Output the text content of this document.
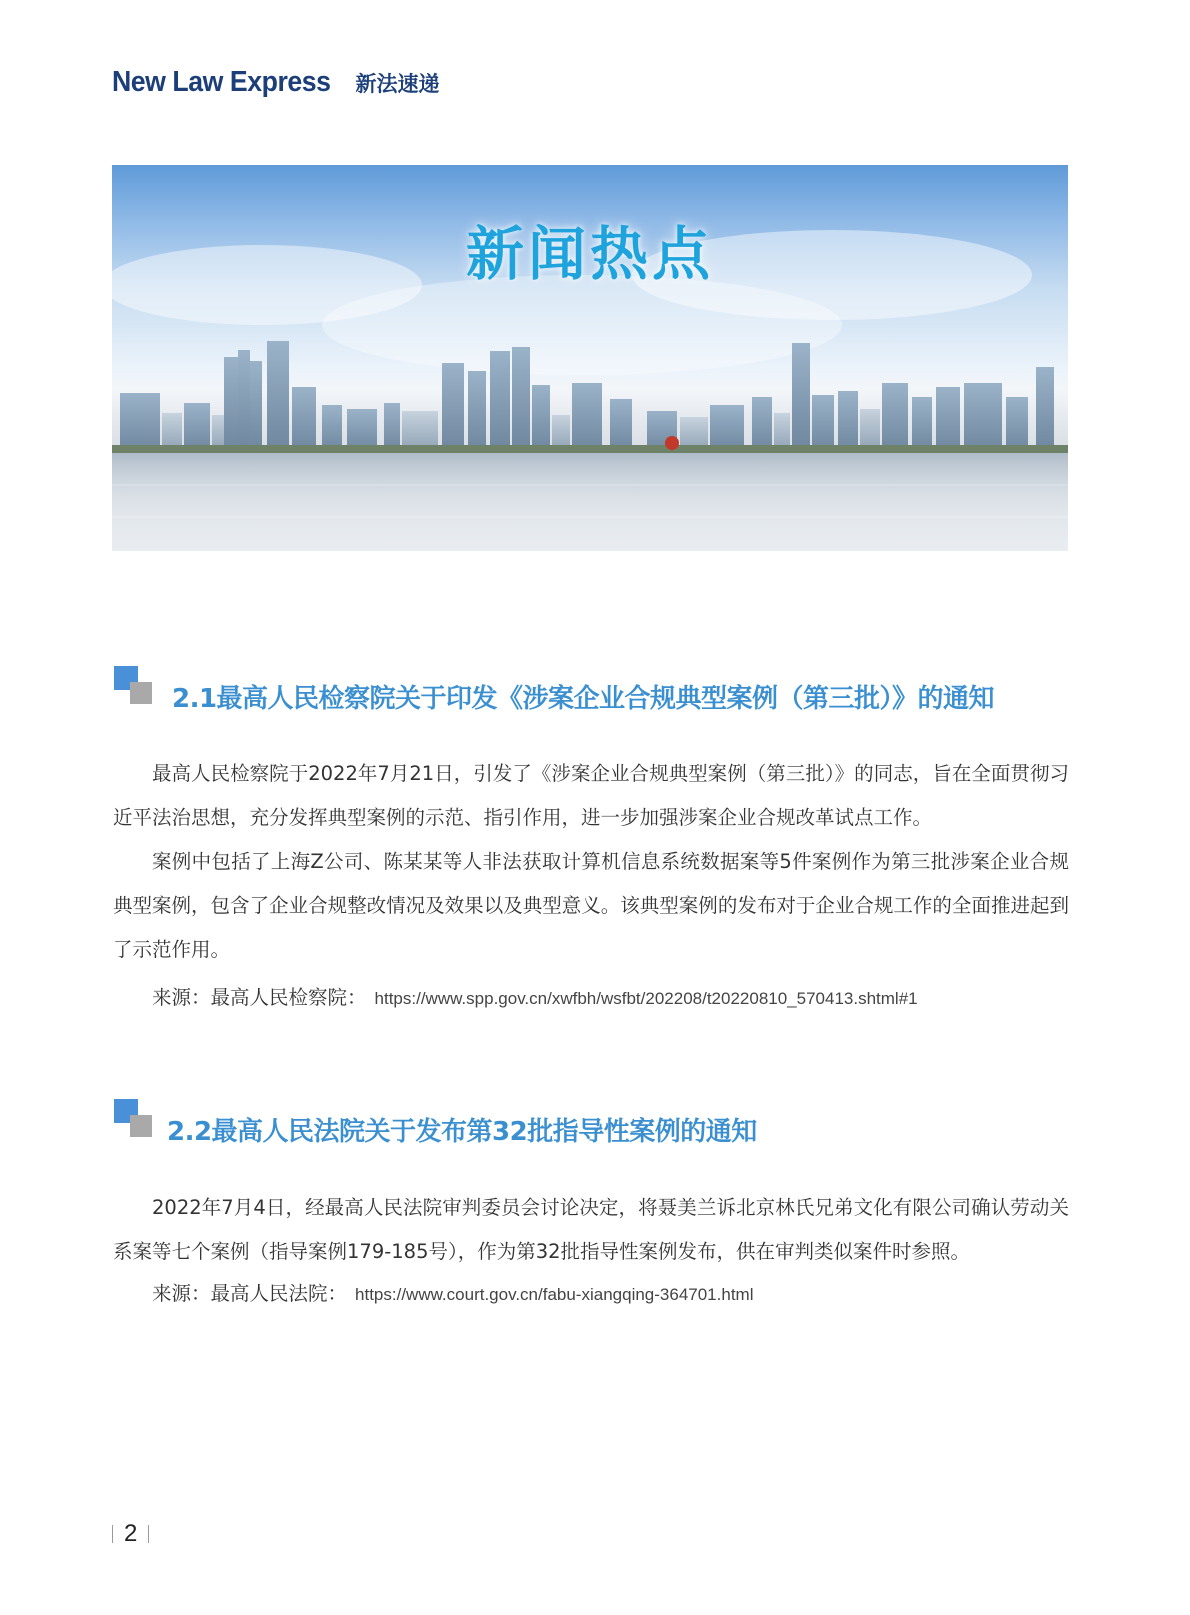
New Law Express 新法速递
新闻热点
2.1最高人民检察院关于印发《涉案企业合规典型案例（第三批）》的通知
最高人民检察院于2022年7月21日，引发了《涉案企业合规典型案例（第三批）》的同志，旨在全面贯彻习近平法治思想，充分发挥典型案例的示范、指引作用，进一步加强涉案企业合规改革试点工作。
案例中包括了上海Z公司、陈某某等人非法获取计算机信息系统数据案等5件案例作为第三批涉案企业合规典型案例，包含了企业合规整改情况及效果以及典型意义。该典型案例的发布对于企业合规工作的全面推进起到了示范作用。
来源：最高人民检察院： https://www.spp.gov.cn/xwfbh/wsfbt/202208/t20220810_570413.shtml#1
2.2最高人民法院关于发布第32批指导性案例的通知
2022年7月4日，经最高人民法院审判委员会讨论决定，将聂美兰诉北京林氏兄弟文化有限公司确认劳动关系案等七个案例（指导案例179-185号），作为第32批指导性案例发布，供在审判类似案件时参照。
来源：最高人民法院： https://www.court.gov.cn/fabu-xiangqing-364701.html
2
